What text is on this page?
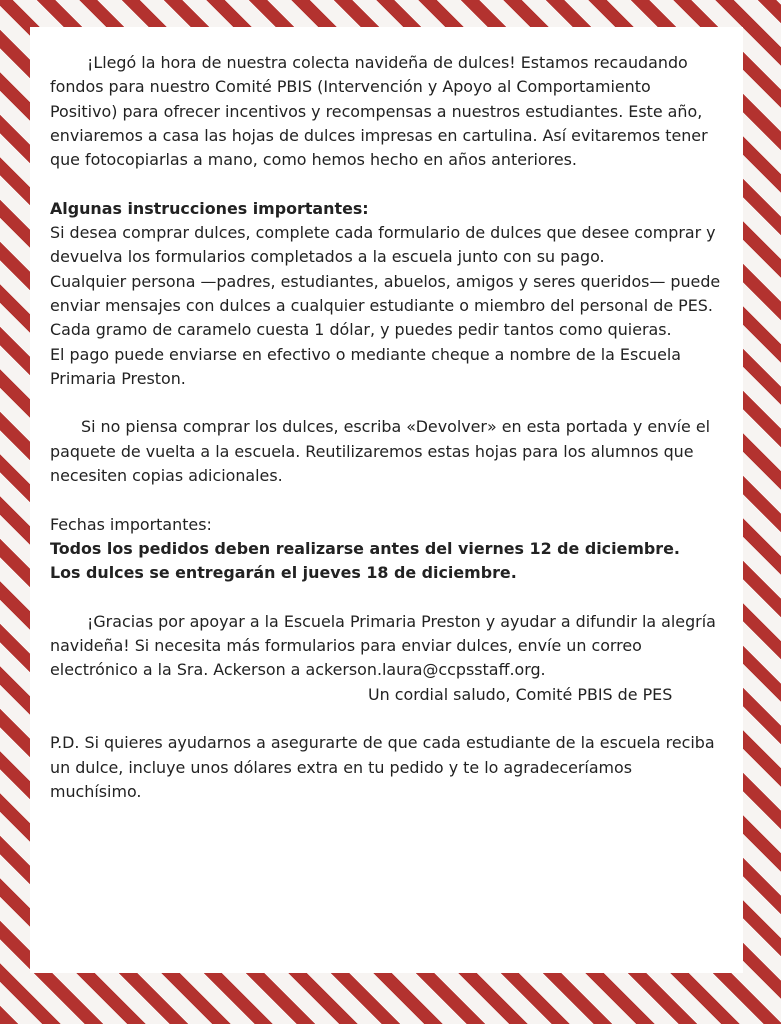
¡Llegó la hora de nuestra colecta navideña de dulces! Estamos recaudando fondos para nuestro Comité PBIS (Intervención y Apoyo al Comportamiento Positivo) para ofrecer incentivos y recompensas a nuestros estudiantes. Este año, enviaremos a casa las hojas de dulces impresas en cartulina. Así evitaremos tener que fotocopiarlas a mano, como hemos hecho en años anteriores.

Algunas instrucciones importantes:

Si desea comprar dulces, complete cada formulario de dulces que desee comprar y devuelva los formularios completados a la escuela junto con su pago.

Cualquier persona —padres, estudiantes, abuelos, amigos y seres queridos— puede enviar mensajes con dulces a cualquier estudiante o miembro del personal de PES.

Cada gramo de caramelo cuesta 1 dólar, y puedes pedir tantos como quieras.

El pago puede enviarse en efectivo o mediante cheque a nombre de la Escuela Primaria Preston.

Si no piensa comprar los dulces, escriba «Devolver» en esta portada y envíe el paquete de vuelta a la escuela. Reutilizaremos estas hojas para los alumnos que necesiten copias adicionales.

Fechas importantes:

Todos los pedidos deben realizarse antes del viernes 12 de diciembre.

Los dulces se entregarán el jueves 18 de diciembre.

¡Gracias por apoyar a la Escuela Primaria Preston y ayudar a difundir la alegría navideña! Si necesita más formularios para enviar dulces, envíe un correo electrónico a la Sra. Ackerson a ackerson.laura@ccpsstaff.org.

Un cordial saludo, Comité PBIS de PES

P.D. Si quieres ayudarnos a asegurarte de que cada estudiante de la escuela reciba un dulce, incluye unos dólares extra en tu pedido y te lo agradeceríamos muchísimo.
